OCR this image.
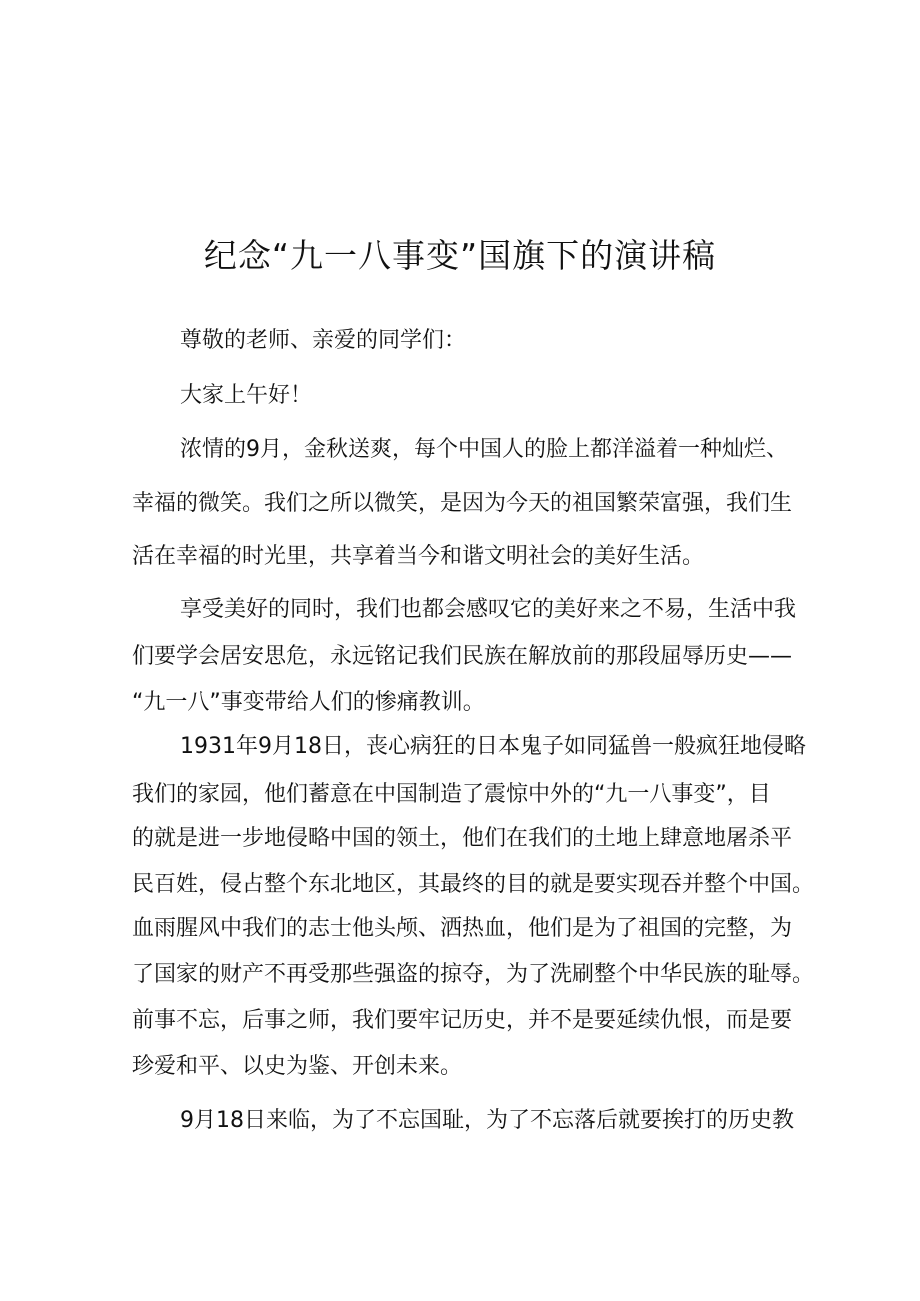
纪念“九一八事变”国旗下的演讲稿
尊敬的老师、亲爱的同学们：
大家上午好！
浓情的9月，金秋送爽，每个中国人的脸上都洋溢着一种灿烂、
幸福的微笑。我们之所以微笑，是因为今天的祖国繁荣富强，我们生
活在幸福的时光里，共享着当今和谐文明社会的美好生活。
享受美好的同时，我们也都会感叹它的美好来之不易，生活中我
们要学会居安思危，永远铭记我们民族在解放前的那段屈辱历史——
“九一八”事变带给人们的惨痛教训。
1931年9月18日，丧心病狂的日本鬼子如同猛兽一般疯狂地侵略
我们的家园，他们蓄意在中国制造了震惊中外的“九一八事变”，目
的就是进一步地侵略中国的领土，他们在我们的土地上肆意地屠杀平
民百姓，侵占整个东北地区，其最终的目的就是要实现吞并整个中国。
血雨腥风中我们的志士他头颅、洒热血，他们是为了祖国的完整，为
了国家的财产不再受那些强盗的掠夺，为了洗刷整个中华民族的耻辱。
前事不忘，后事之师，我们要牢记历史，并不是要延续仇恨，而是要
珍爱和平、以史为鉴、开创未来。
9月18日来临，为了不忘国耻，为了不忘落后就要挨打的历史教
